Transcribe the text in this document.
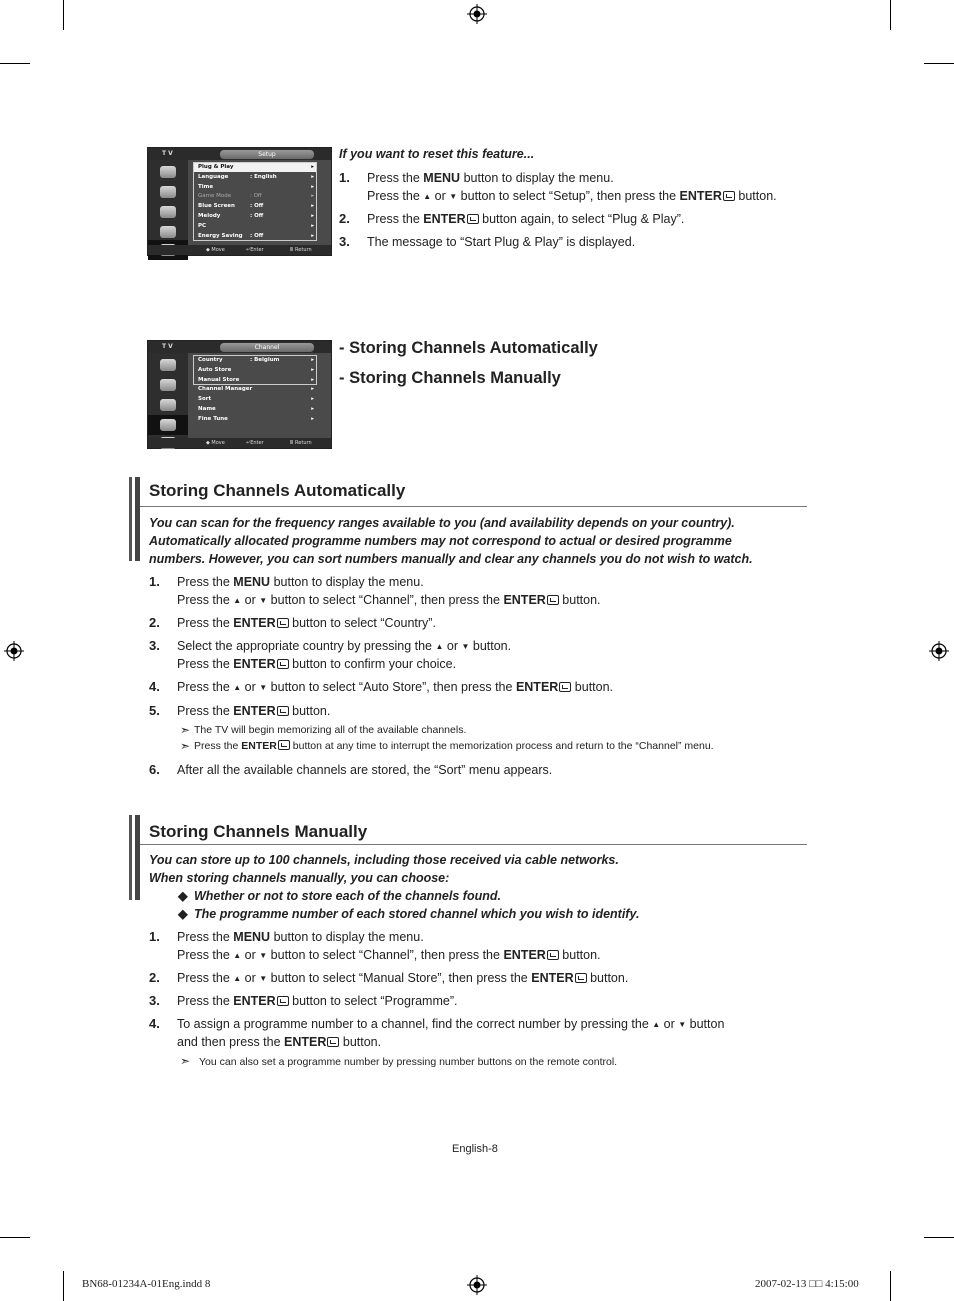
T V	Setup
Plug & Play	▸
Language	: English	▸
Time	▸
Game Mode	: Off	▸
Blue Screen	: Off	▸
Melody	: Off	▸
PC	▸
Energy Saving : Off	▸
◆ Move	↵Enter	Ⅲ Return
If you want to reset this feature...
1. Press the MENU button to display the menu.
Press the ▲ or ▼ button to select “Setup”, then press the ENTER button.
2. Press the ENTER button again, to select “Plug & Play”.
3. The message to “Start Plug & Play” is displayed.
T V	Channel
Country	: Belgium	▸
Auto Store	▸
Manual Store	▸
Channel Manager	▸
Sort	▸
Name	▸
Fine Tune	▸
◆ Move	↵Enter	Ⅲ Return
- Storing Channels Automatically
- Storing Channels Manually
Storing Channels Automatically
You can scan for the frequency ranges available to you (and availability depends on your country).
Automatically allocated programme numbers may not correspond to actual or desired programme
numbers. However, you can sort numbers manually and clear any channels you do not wish to watch.
1. Press the MENU button to display the menu.
Press the ▲ or ▼ button to select “Channel”, then press the ENTER button.
2. Press the ENTER button to select “Country”.
3. Select the appropriate country by pressing the ▲ or ▼ button.
Press the ENTER button to confirm your choice.
4. Press the ▲ or ▼ button to select “Auto Store”, then press the ENTER button.
5. Press the ENTER button.
6. After all the available channels are stored, the “Sort” menu appears.
➣ The TV will begin memorizing all of the available channels.
➣ Press the ENTER button at any time to interrupt the memorization process and return to the “Channel” menu.
Storing Channels Manually
You can store up to 100 channels, including those received via cable networks.
When storing channels manually, you can choose:
◆ Whether or not to store each of the channels found.
◆ The programme number of each stored channel which you wish to identify.
1. Press the MENU button to display the menu.
Press the ▲ or ▼ button to select “Channel”, then press the ENTER button.
2. Press the ▲ or ▼ button to select “Manual Store”, then press the ENTER button.
3. Press the ENTER button to select “Programme”.
4. To assign a programme number to a channel, find the correct number by pressing the ▲ or ▼ button
and then press the ENTER button.
➣ You can also set a programme number by pressing number buttons on the remote control.
English-8
BN68-01234A-01Eng.indd 8	2007-02-13 □□ 4:15:00
